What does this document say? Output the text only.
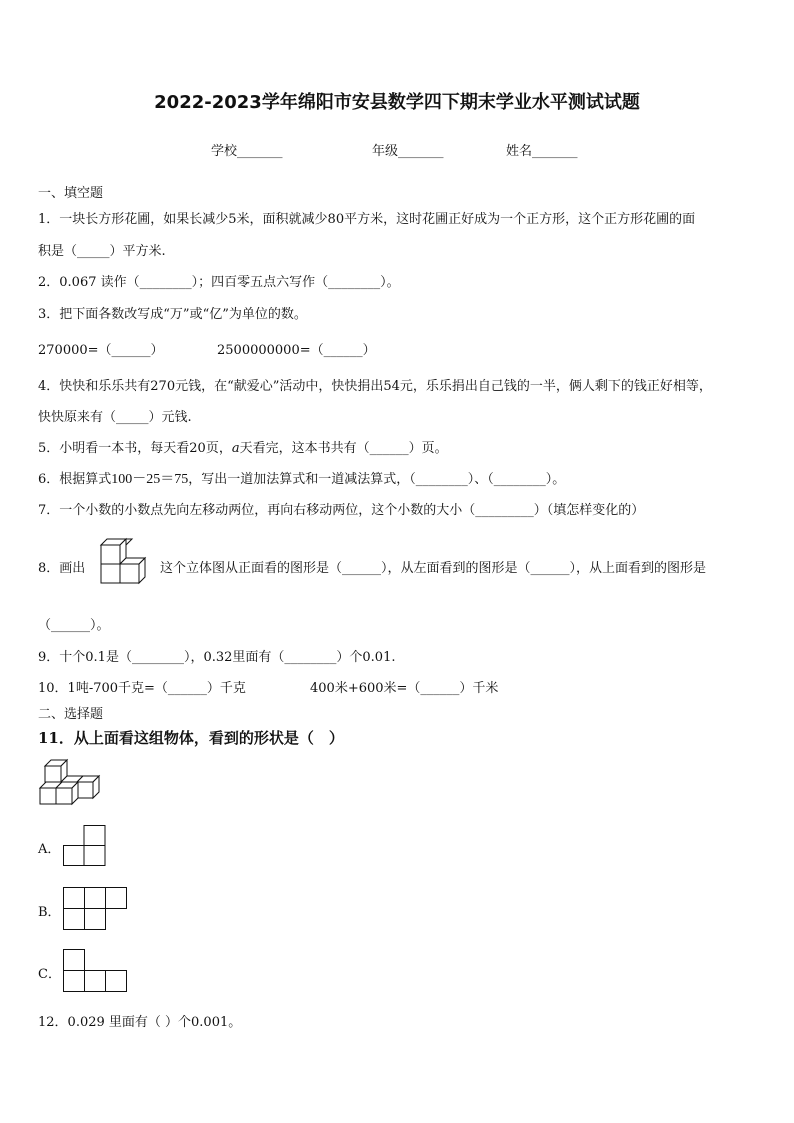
2022-2023学年绵阳市安县数学四下期末学业水平测试试题
学校_______	年级_______	姓名_______
一、填空题
1．一块长方形花圃，如果长减少5米，面积就减少80平方米，这时花圃正好成为一个正方形，这个正方形花圃的面
积是（_____）平方米.
2．0.067 读作（________）；四百零五点六写作（________）。
3．把下面各数改写成“万”或“亿”为单位的数。
270000=（______）	2500000000=（______）
4．快快和乐乐共有270元钱，在“献爱心”活动中，快快捐出54元，乐乐捐出自己钱的一半，俩人剩下的钱正好相等，
快快原来有（_____）元钱.
5．小明看一本书，每天看20页，a天看完，这本书共有（______）页。
6．根据算式100－25＝75，写出一道加法算式和一道减法算式，（________）、（________）。
7．一个小数的小数点先向左移动两位，再向右移动两位，这个小数的大小（_________）（填怎样变化的）
8．画出	这个立体图从正面看的图形是（______），从左面看到的图形是（______），从上面看到的图形是
（______）。
9．十个0.1是（________），0.32里面有（________）个0.01.
10．1吨-700千克=（______）千克	400米+600米=（______）千米
二、选择题
11．从上面看这组物体，看到的形状是（　）
A．
B．
C．
12．0.029 里面有（ ）个0.001。
